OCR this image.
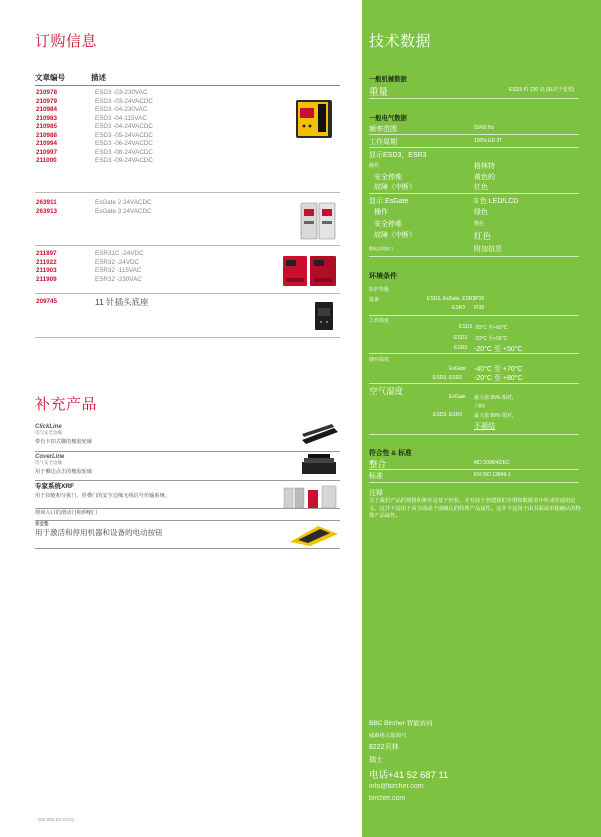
订购信息
文章编号	描述
210978	ESD3 -03-230VAC
210979	ESD3 -03-24VACDC
210984	ESD3 -04-230VAC
210983	ESD3 -04-115VAC
210985	ESD3 -04-24VACDC
210988	ESD3 -05-24VACDC
210994	ESD3 -06-24VACDC
210997	ESD3 -08-24VACDC
211000	ESD3 -09-24VACDC
263911	EsGate 2 24VACDC
263913	EsGate 3 24VACDC
211897	ESR31C -24VDC
211922	ESR32 -24VDC
211903	ESR32 -115VAC
211909	ESR32 -230VAC
209745	11 针插头底座
补充产品
ClickLine
电气安全边缘
带有卡扣式脚的橡胶轮廓
CoverLine
电气安全边缘
用于侧边点击的橡胶轮廓
专家系统XRF
用于铰链和分拣门、折叠门的安全边缘无线信号传输系统。
现场入口的滑动门和伸缩门
安全垫
用于激活和停用机器和设备的电动按钮
000 085 EN 07/21
技术数据
一般机械数据
重量	ESD3 约 230 克 (取决于变型)
一般电气数据
频率范围	50/60 Hz
工作周期	100% ED 3T
显示ESD3，ESR3
操作	格林特
安全停堆	黄色的
故障（中断）	红色
显示 EsGate	3 色 LED/LCD
操作	绿色
安全停堆	橙色
故障（中断）	红色
数据总线接口	附加信息
环境条件
防护等级
设备	ESD3, EsGate, ESR3
IP20
ESR3 IP30
工作温度
ESD3 -20°C 至+60°C
ESD3 -20°C 至+55°C
ESR3 -20°C 至 +50°C
储存温度
EsGate -40°C 至 +70°C
ESD3, ESR3 -20°C 至 +80°C
空气湿度
EsGate 最大值 95% 相对，
不凝结
ESD3, ESR3 最大值 80% 相对，
不凝结
符合性 & 标准
整合	MD 2006/42/EC
标准	EN ISO 13849-1
注释
关于我们产品的规格和推荐是基于经验，并有助于创建我们手册和数据表中所述的通用定义。这并不适用于由书面或个别确认的特殊产品属性。这并不适用于由书面或单独确认的特殊产品属性。
BBC Bircher 智能访问
威森格大街20号
8222贝林
瑞士
电话+41 52 687 11
info@bircher.com
bircher.com
